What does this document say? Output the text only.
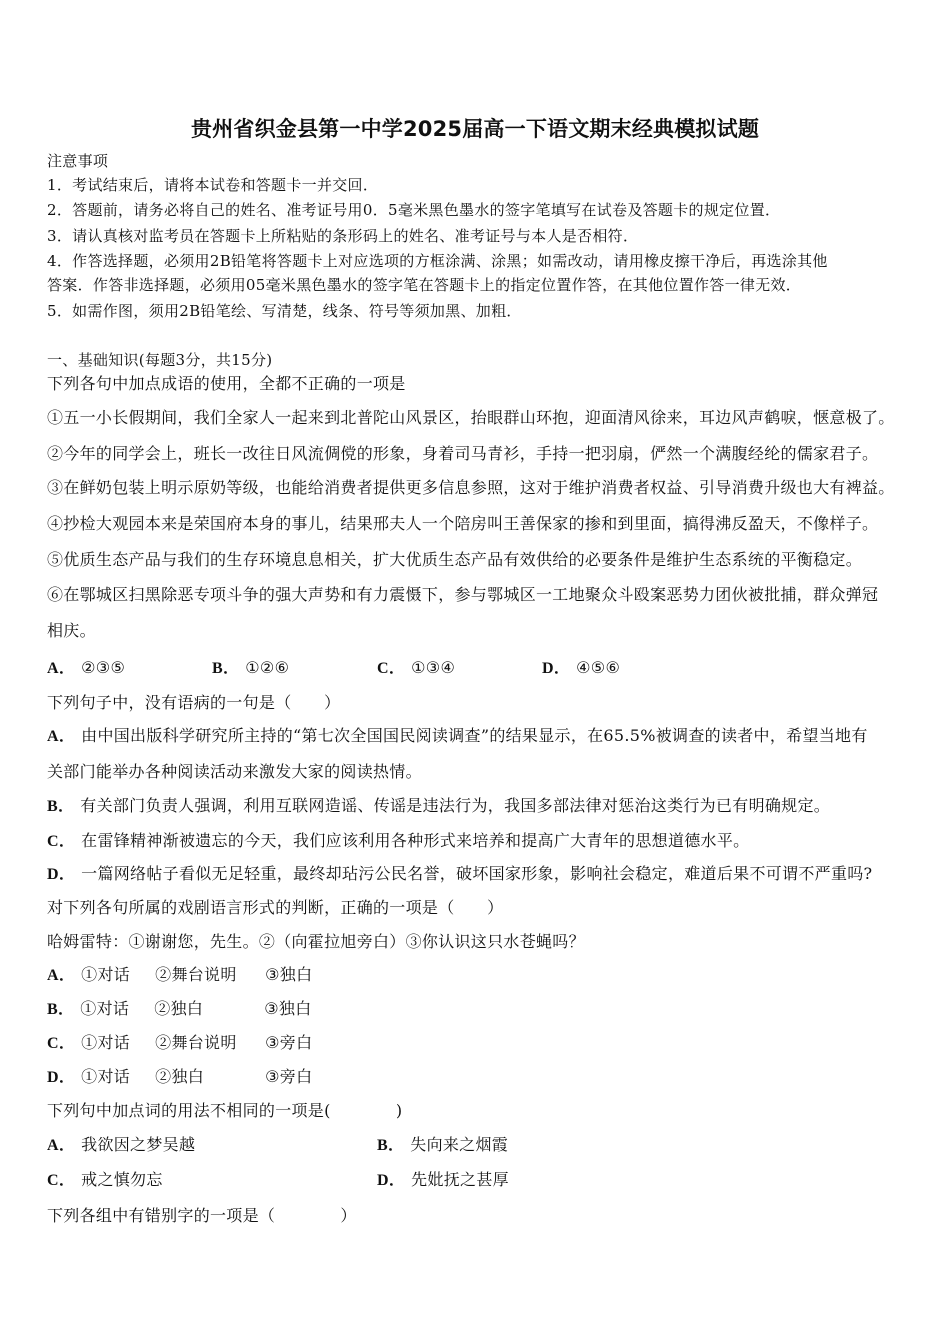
贵州省织金县第一中学2025届高一下语文期末经典模拟试题
注意事项
1．考试结束后，请将本试卷和答题卡一并交回．
2．答题前，请务必将自己的姓名、准考证号用0．5毫米黑色墨水的签字笔填写在试卷及答题卡的规定位置．
3．请认真核对监考员在答题卡上所粘贴的条形码上的姓名、准考证号与本人是否相符．
4．作答选择题，必须用2B铅笔将答题卡上对应选项的方框涂满、涂黑；如需改动，请用橡皮擦干净后，再选涂其他
答案．作答非选择题，必须用05毫米黑色墨水的签字笔在答题卡上的指定位置作答，在其他位置作答一律无效．
5．如需作图，须用2B铅笔绘、写清楚，线条、符号等须加黑、加粗．
一、基础知识(每题3分，共15分)
下列各句中加点成语的使用，全都不正确的一项是
①五一小长假期间，我们全家人一起来到北普陀山风景区，抬眼群山环抱，迎面清风徐来，耳边风声鹤唳，惬意极了。
②今年的同学会上，班长一改往日风流倜傥的形象，身着司马青衫，手持一把羽扇，俨然一个满腹经纶的儒家君子。
③在鲜奶包装上明示原奶等级，也能给消费者提供更多信息参照，这对于维护消费者权益、引导消费升级也大有裨益。
④抄检大观园本来是荣国府本身的事儿，结果邢夫人一个陪房叫王善保家的掺和到里面，搞得沸反盈天，不像样子。
⑤优质生态产品与我们的生存环境息息相关，扩大优质生态产品有效供给的必要条件是维护生态系统的平衡稳定。
⑥在鄂城区扫黑除恶专项斗争的强大声势和有力震慑下，参与鄂城区一工地聚众斗殴案恶势力团伙被批捕，群众弹冠
相庆。
A． ②③⑤	B． ①②⑥	C． ①③④	D． ④⑤⑥
下列句子中，没有语病的一句是（　　）
A． 由中国出版科学研究所主持的“第七次全国国民阅读调查”的结果显示，在65.5%被调查的读者中，希望当地有
关部门能举办各种阅读活动来激发大家的阅读热情。
B． 有关部门负责人强调，利用互联网造谣、传谣是违法行为，我国多部法律对惩治这类行为已有明确规定。
C． 在雷锋精神渐被遗忘的今天，我们应该利用各种形式来培养和提高广大青年的思想道德水平。
D． 一篇网络帖子看似无足轻重，最终却玷污公民名誉，破坏国家形象，影响社会稳定，难道后果不可谓不严重吗?
对下列各句所属的戏剧语言形式的判断，正确的一项是（　　）
哈姆雷特：①谢谢您，先生。②（向霍拉旭旁白）③你认识这只水苍蝇吗？
A． ①对话 ②舞台说明 ③独白
B． ①对话 ②独白	③独白
C． ①对话 ②舞台说明 ③旁白
D． ①对话 ②独白	③旁白
下列句中加点词的用法不相同的一项是(　　　　)
A． 我欲因之梦吴越	B． 失向来之烟霞
C． 戒之慎勿忘	D． 先妣抚之甚厚
下列各组中有错别字的一项是（　　　　）
